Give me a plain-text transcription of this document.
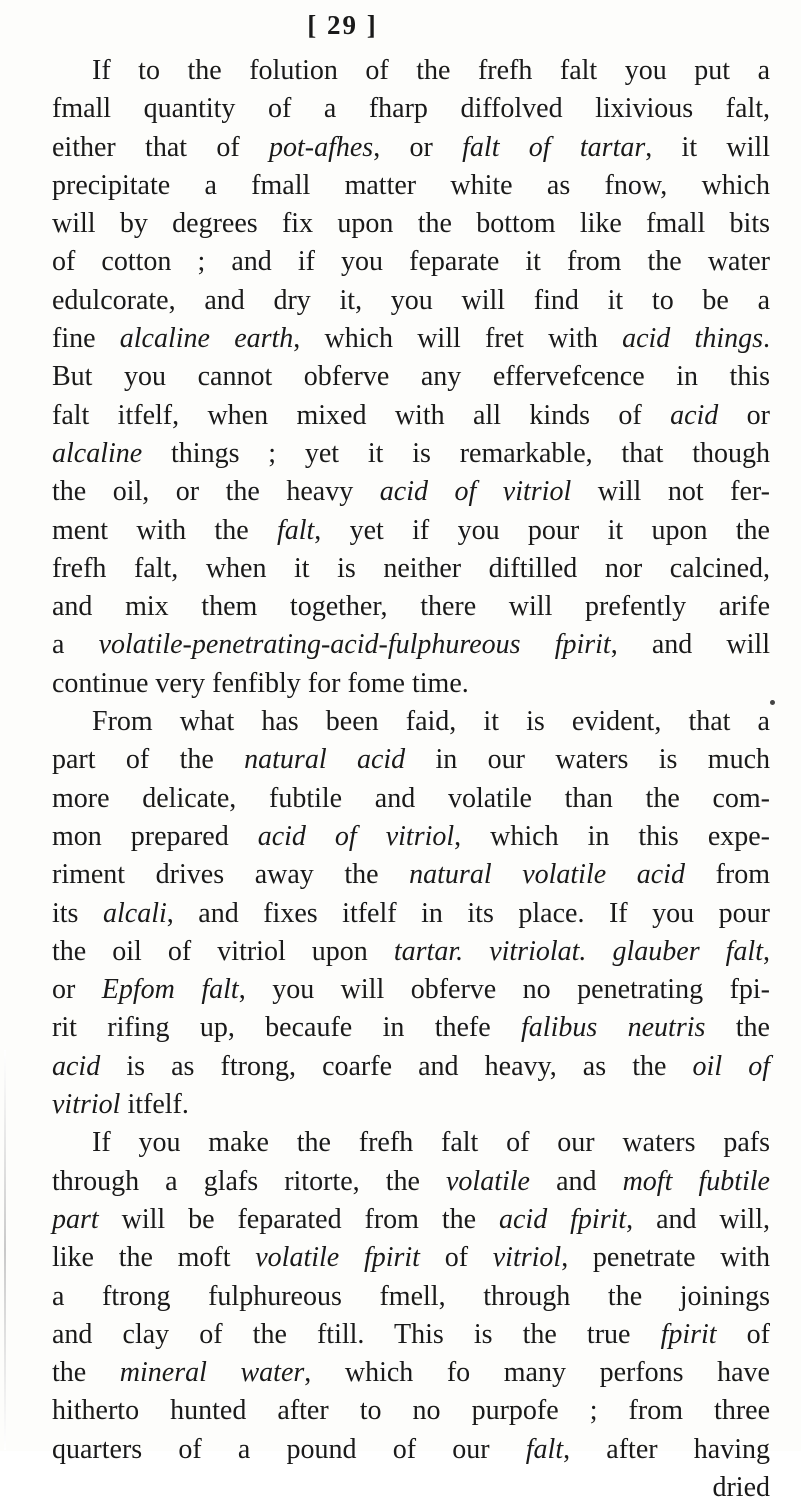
[ 29 ]
If to the folution of the frefh falt you put a
fmall quantity of a fharp diffolved lixivious falt,
either that of pot-afhes, or falt of tartar, it will
precipitate a fmall matter white as fnow, which
will by degrees fix upon the bottom like fmall bits
of cotton ; and if you feparate it from the water
edulcorate, and dry it, you will find it to be a
fine alcaline earth, which will fret with acid things.
But you cannot obferve any effervefcence in this
falt itfelf, when mixed with all kinds of acid or
alcaline things ; yet it is remarkable, that though
the oil, or the heavy acid of vitriol will not fer-
ment with the falt, yet if you pour it upon the
frefh falt, when it is neither diftilled nor calcined,
and mix them together, there will prefently arife
a volatile-penetrating-acid-fulphureous fpirit, and will
continue very fenfibly for fome time.
From what has been faid, it is evident, that a
part of the natural acid in our waters is much
more delicate, fubtile and volatile than the com-
mon prepared acid of vitriol, which in this expe-
riment drives away the natural volatile acid from
its alcali, and fixes itfelf in its place. If you pour
the oil of vitriol upon tartar. vitriolat. glauber falt,
or Epfom falt, you will obferve no penetrating fpi-
rit rifing up, becaufe in thefe falibus neutris the
acid is as ftrong, coarfe and heavy, as the oil of
vitriol itfelf.
If you make the frefh falt of our waters pafs
through a glafs ritorte, the volatile and moft fubtile
part will be feparated from the acid fpirit, and will,
like the moft volatile fpirit of vitriol, penetrate with
a ftrong fulphureous fmell, through the joinings
and clay of the ftill. This is the true fpirit of
the mineral water, which fo many perfons have
hitherto hunted after to no purpofe ; from three
quarters of a pound of our falt, after having
dried
